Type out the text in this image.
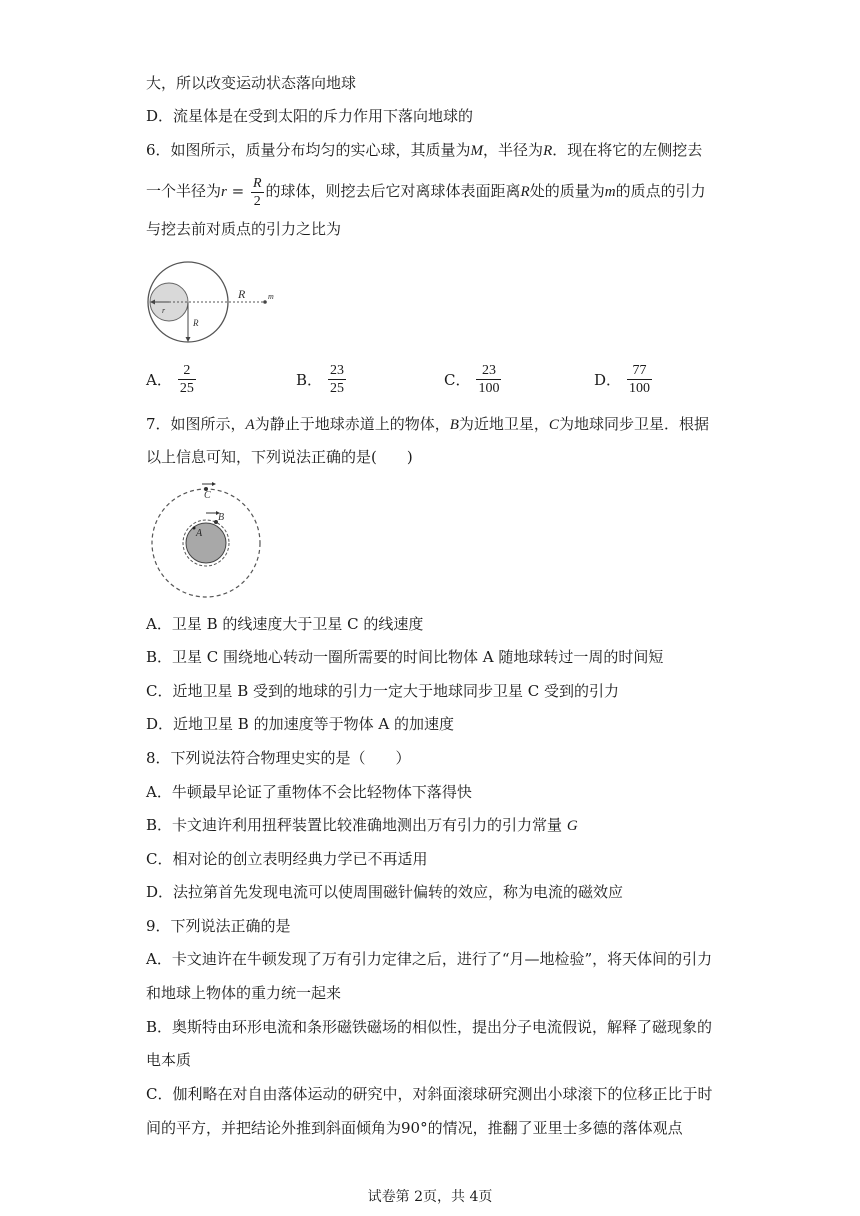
大，所以改变运动状态落向地球
D．流星体是在受到太阳的斥力作用下落向地球的
6．如图所示，质量分布均匀的实心球，其质量为M，半径为R．现在将它的左侧挖去
一个半径为$r = \frac{R}{2}$ 的球体，则挖去后它对离球体表面距离R处的质量为m的质点的引力
与挖去前对质点的引力之比为
R	m
r
R
A． $\frac{2}{25}$	B． $\frac{23}{25}$	C． $\frac{23}{100}$	D． $\frac{77}{100}$
7．如图所示，A为静止于地球赤道上的物体，B为近地卫星，C为地球同步卫星．根据
以上信息可知，下列说法正确的是(　　)
C
B
A
A．卫星 B 的线速度大于卫星 C 的线速度
B．卫星 C 围绕地心转动一圈所需要的时间比物体 A 随地球转过一周的时间短
C．近地卫星 B 受到的地球的引力一定大于地球同步卫星 C 受到的引力
D．近地卫星 B 的加速度等于物体 A 的加速度
8．下列说法符合物理史实的是（　　）
A．牛顿最早论证了重物体不会比轻物体下落得快
B．卡文迪许利用扭秤装置比较准确地测出万有引力的引力常量 G
C．相对论的创立表明经典力学已不再适用
D．法拉第首先发现电流可以使周围磁针偏转的效应，称为电流的磁效应
9．下列说法正确的是
A．卡文迪许在牛顿发现了万有引力定律之后，进行了“月—地检验”，将天体间的引力
和地球上物体的重力统一起来
B．奥斯特由环形电流和条形磁铁磁场的相似性，提出分子电流假说，解释了磁现象的
电本质
C．伽利略在对自由落体运动的研究中，对斜面滚球研究测出小球滚下的位移正比于时
间的平方，并把结论外推到斜面倾角为90°的情况，推翻了亚里士多德的落体观点
试卷第 2页，共 4页
